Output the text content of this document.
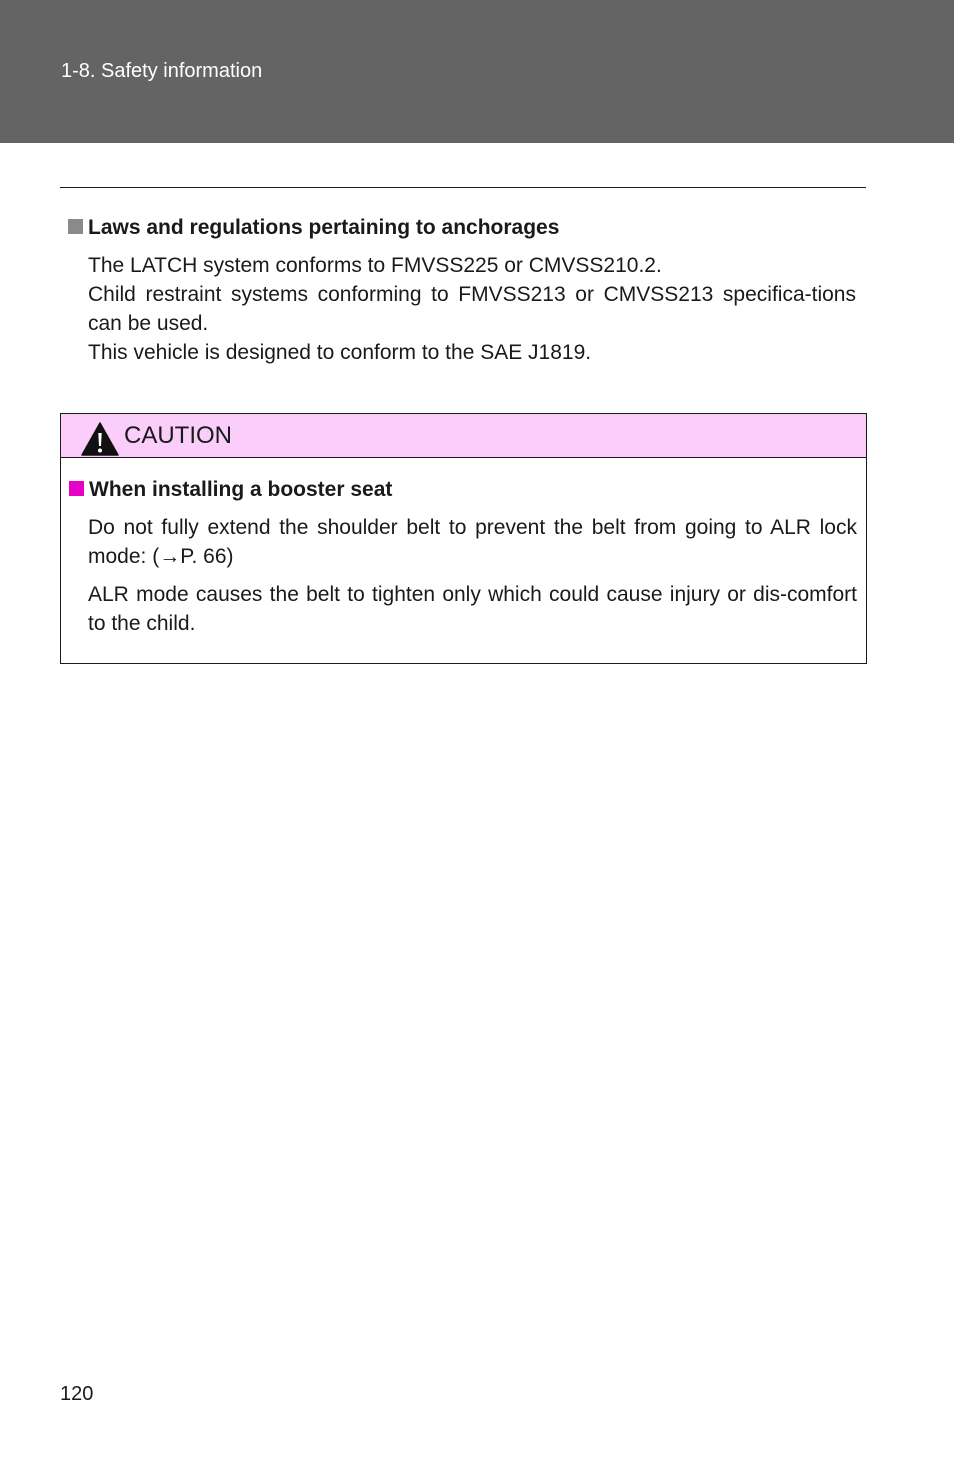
1-8. Safety information
Laws and regulations pertaining to anchorages

The LATCH system conforms to FMVSS225 or CMVSS210.2.

Child restraint systems conforming to FMVSS213 or CMVSS213 specifica-tions can be used.

This vehicle is designed to conform to the SAE J1819.

CAUTION
When installing a booster seat

Do not fully extend the shoulder belt to prevent the belt from going to ALR lock mode: (→P. 66)

ALR mode causes the belt to tighten only which could cause injury or dis-comfort to the child.

120
